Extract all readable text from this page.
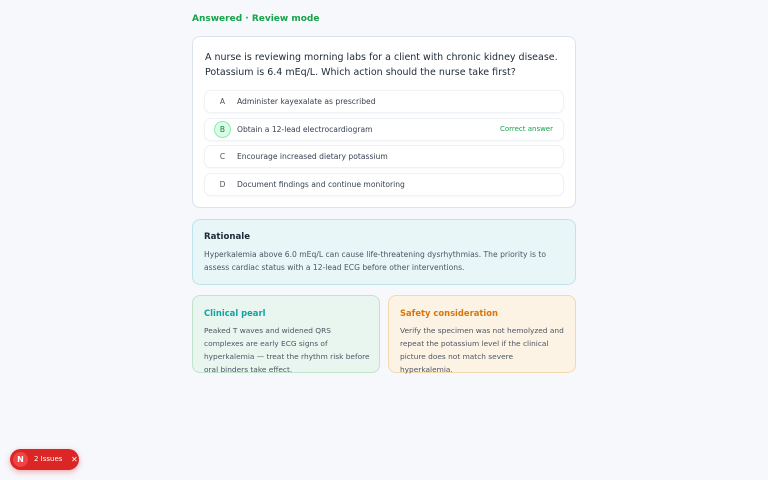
Answered · Review mode
A nurse is reviewing morning labs for a client with chronic kidney disease. Potassium is 6.4 mEq/L. Which action should the nurse take first?
A	Administer kayexalate as prescribed
B	Obtain a 12-lead electrocardiogram	Correct answer
C	Encourage increased dietary potassium
D	Document findings and continue monitoring
Rationale

Hyperkalemia above 6.0 mEq/L can cause life-threatening dysrhythmias. The priority is to assess cardiac status with a 12-lead ECG before other interventions.

Clinical pearl

Peaked T waves and widened QRS complexes are early ECG signs of hyperkalemia — treat the rhythm risk before oral binders take effect.

Safety consideration

Verify the specimen was not hemolyzed and repeat the potassium level if the clinical picture does not match severe hyperkalemia.

N	2 Issues ✕
